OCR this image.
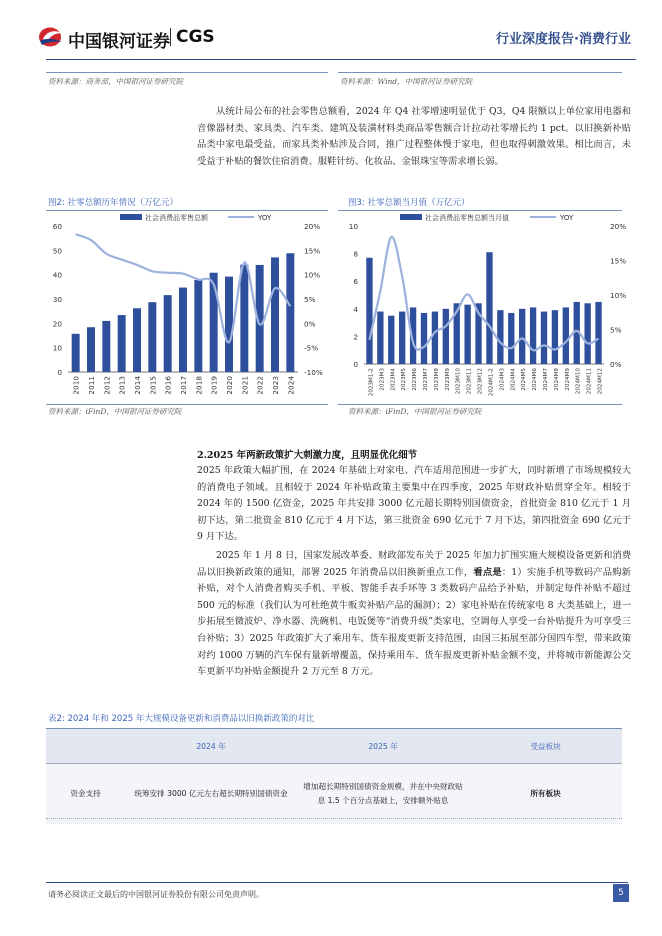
中国银河证券 CGS	行业深度报告·消费行业
资料来源：商务部，中国银河证券研究院	资料来源：Wind，中国银河证券研究院

从统计局公布的社会零售总额看，2024 年 Q4 社零增速明显优于 Q3，Q4 限额以上单位家用电器和音像器材类、家具类、汽车类、建筑及装潢材料类商品零售额合计拉动社零增长约 1 pct。以旧换新补贴品类中家电最受益，而家具类补贴涉及合同，推广过程整体慢于家电，但也取得刺激效果。相比而言，未受益于补贴的餐饮住宿消费、服鞋针纺、化妆品、金银珠宝等需求增长弱。

图2: 社零总额历年情况（万亿元）
0
10
20
30
40
50
60
-10%
-5%
0%
5%
10%
15%
20%
2010 2011 2012 2013 2014 2015 2016 2017 2018 2019 2020 2021 2022 2023 2024
社会消费品零售总额	YOY
资料来源：iFinD，中国银河证券研究院
图3: 社零总额当月值（万亿元）
0
2
4
6
8
10
0%
5%
10%
15%
20%
2023M1-2 2023M3 2023M4 2023M5 2023M6 2023M7 2023M8 2023M9 2023M10 2023M11 2023M12 2024M1-2 2024M3 2024M4 2024M5 2024M6 2024M7 2024M8 2024M9 2024M10 2024M11 2024M12
社会消费品零售总额当月值	YOY
资料来源：iFinD，中国银河证券研究院
2.2025 年两新政策扩大刺激力度，且明显优化细节

2025 年政策大幅扩围，在 2024 年基础上对家电、汽车适用范围进一步扩大，同时新增了市场规模较大的消费电子领域。且相较于 2024 年补贴政策主要集中在四季度，2025 年财政补贴贯穿全年。相较于 2024 年的 1500 亿资金，2025 年共安排 3000 亿元超长期特别国债资金，首批资金 810 亿元于 1 月初下达，第二批资金 810 亿元于 4 月下达，第三批资金 690 亿元于 7 月下达，第四批资金 690 亿元于 9 月下达。

2025 年 1 月 8 日，国家发展改革委、财政部发布关于 2025 年加力扩围实施大规模设备更新和消费品以旧换新政策的通知，部署 2025 年消费品以旧换新重点工作，看点是：1）实施手机等数码产品购新补贴，对个人消费者购买手机、平板、智能手表手环等 3 类数码产品给予补贴，并制定每件补贴不超过 500 元的标准（我们认为可杜绝黄牛贩卖补贴产品的漏洞）；2）家电补贴在传统家电 8 大类基础上，进一步拓展至微波炉、净水器、洗碗机、电饭煲等“消费升级”类家电，空调每人享受一台补贴提升为可享受三台补贴；3）2025 年政策扩大了乘用车、货车报废更新支持范围，由国三拓展至部分国四车型，带来政策对约 1000 万辆的汽车保有量新增覆盖，保持乘用车、货车报废更新补贴金额不变，并将城市新能源公交车更新平均补贴金额提升 2 万元至 8 万元。

表2: 2024 年和 2025 年大规模设备更新和消费品以旧换新政策的对比
	2024 年	2025 年	受益板块
资金支持	统筹安排 3000 亿元左右超长期特别国债资金	增加超长期特别国债资金规模，并在中央财政贴息 1.5 个百分点基础上，安排额外贴息	所有板块
请务必阅读正文最后的中国银河证券股份有限公司免责声明。	5
